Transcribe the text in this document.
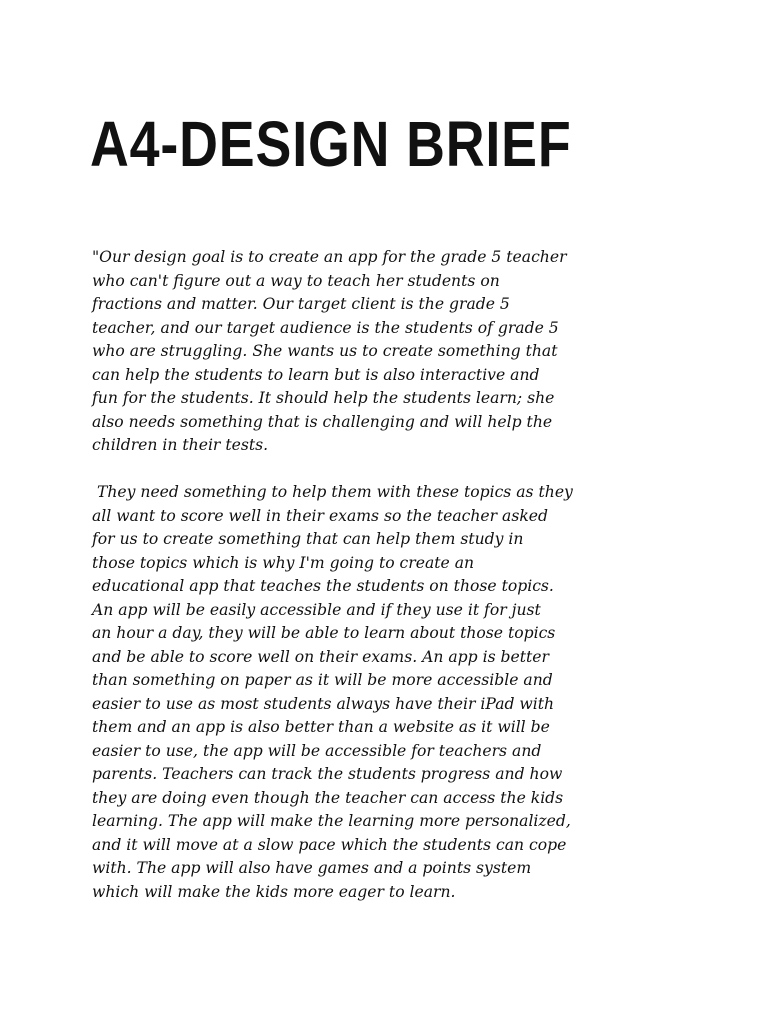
A4-DESIGN BRIEF
"Our design goal is to create an app for the grade 5 teacher
who can't figure out a way to teach her students on
fractions and matter. Our target client is the grade 5
teacher, and our target audience is the students of grade 5
who are struggling. She wants us to create something that
can help the students to learn but is also interactive and
fun for the students. It should help the students learn; she
also needs something that is challenging and will help the
children in their tests.

They need something to help them with these topics as they
all want to score well in their exams so the teacher asked
for us to create something that can help them study in
those topics which is why I'm going to create an
educational app that teaches the students on those topics.
An app will be easily accessible and if they use it for just
an hour a day, they will be able to learn about those topics
and be able to score well on their exams. An app is better
than something on paper as it will be more accessible and
easier to use as most students always have their iPad with
them and an app is also better than a website as it will be
easier to use, the app will be accessible for teachers and
parents. Teachers can track the students progress and how
they are doing even though the teacher can access the kids
learning. The app will make the learning more personalized,
and it will move at a slow pace which the students can cope
with. The app will also have games and a points system
which will make the kids more eager to learn.
